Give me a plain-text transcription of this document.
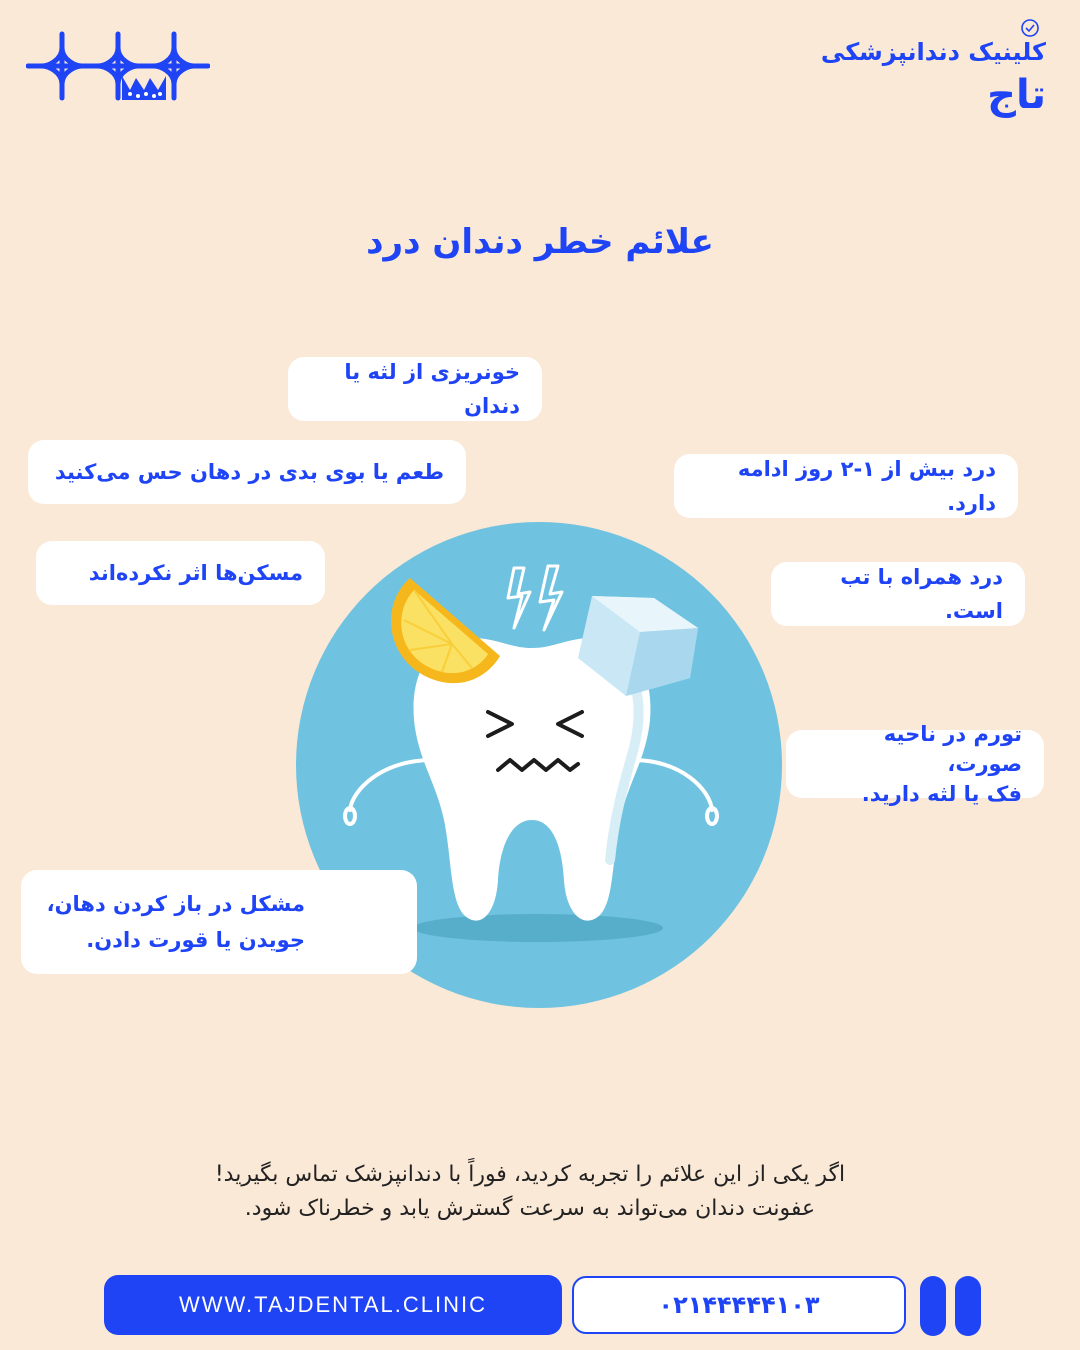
کلینیک دندانپزشکی
تاج
علائم خطر دندان درد
خونریزی از لثه یا دندان
طعم یا بوی بدی در دهان حس می‌کنید
مسکن‌ها اثر نکرده‌اند
درد بیش از ۱-۲ روز ادامه دارد.
درد همراه با تب است.
تورم در ناحیه صورت،
فک یا لثه دارید.
مشکل در باز کردن دهان،
جویدن یا قورت دادن.
اگر یکی از این علائم را تجربه کردید، فوراً با دندانپزشک تماس بگیرید!
عفونت دندان می‌تواند به سرعت گسترش یابد و خطرناک شود.
WWW.TAJDENTAL.CLINIC	۰۲۱۴۴۴۴۴۱۰۳
